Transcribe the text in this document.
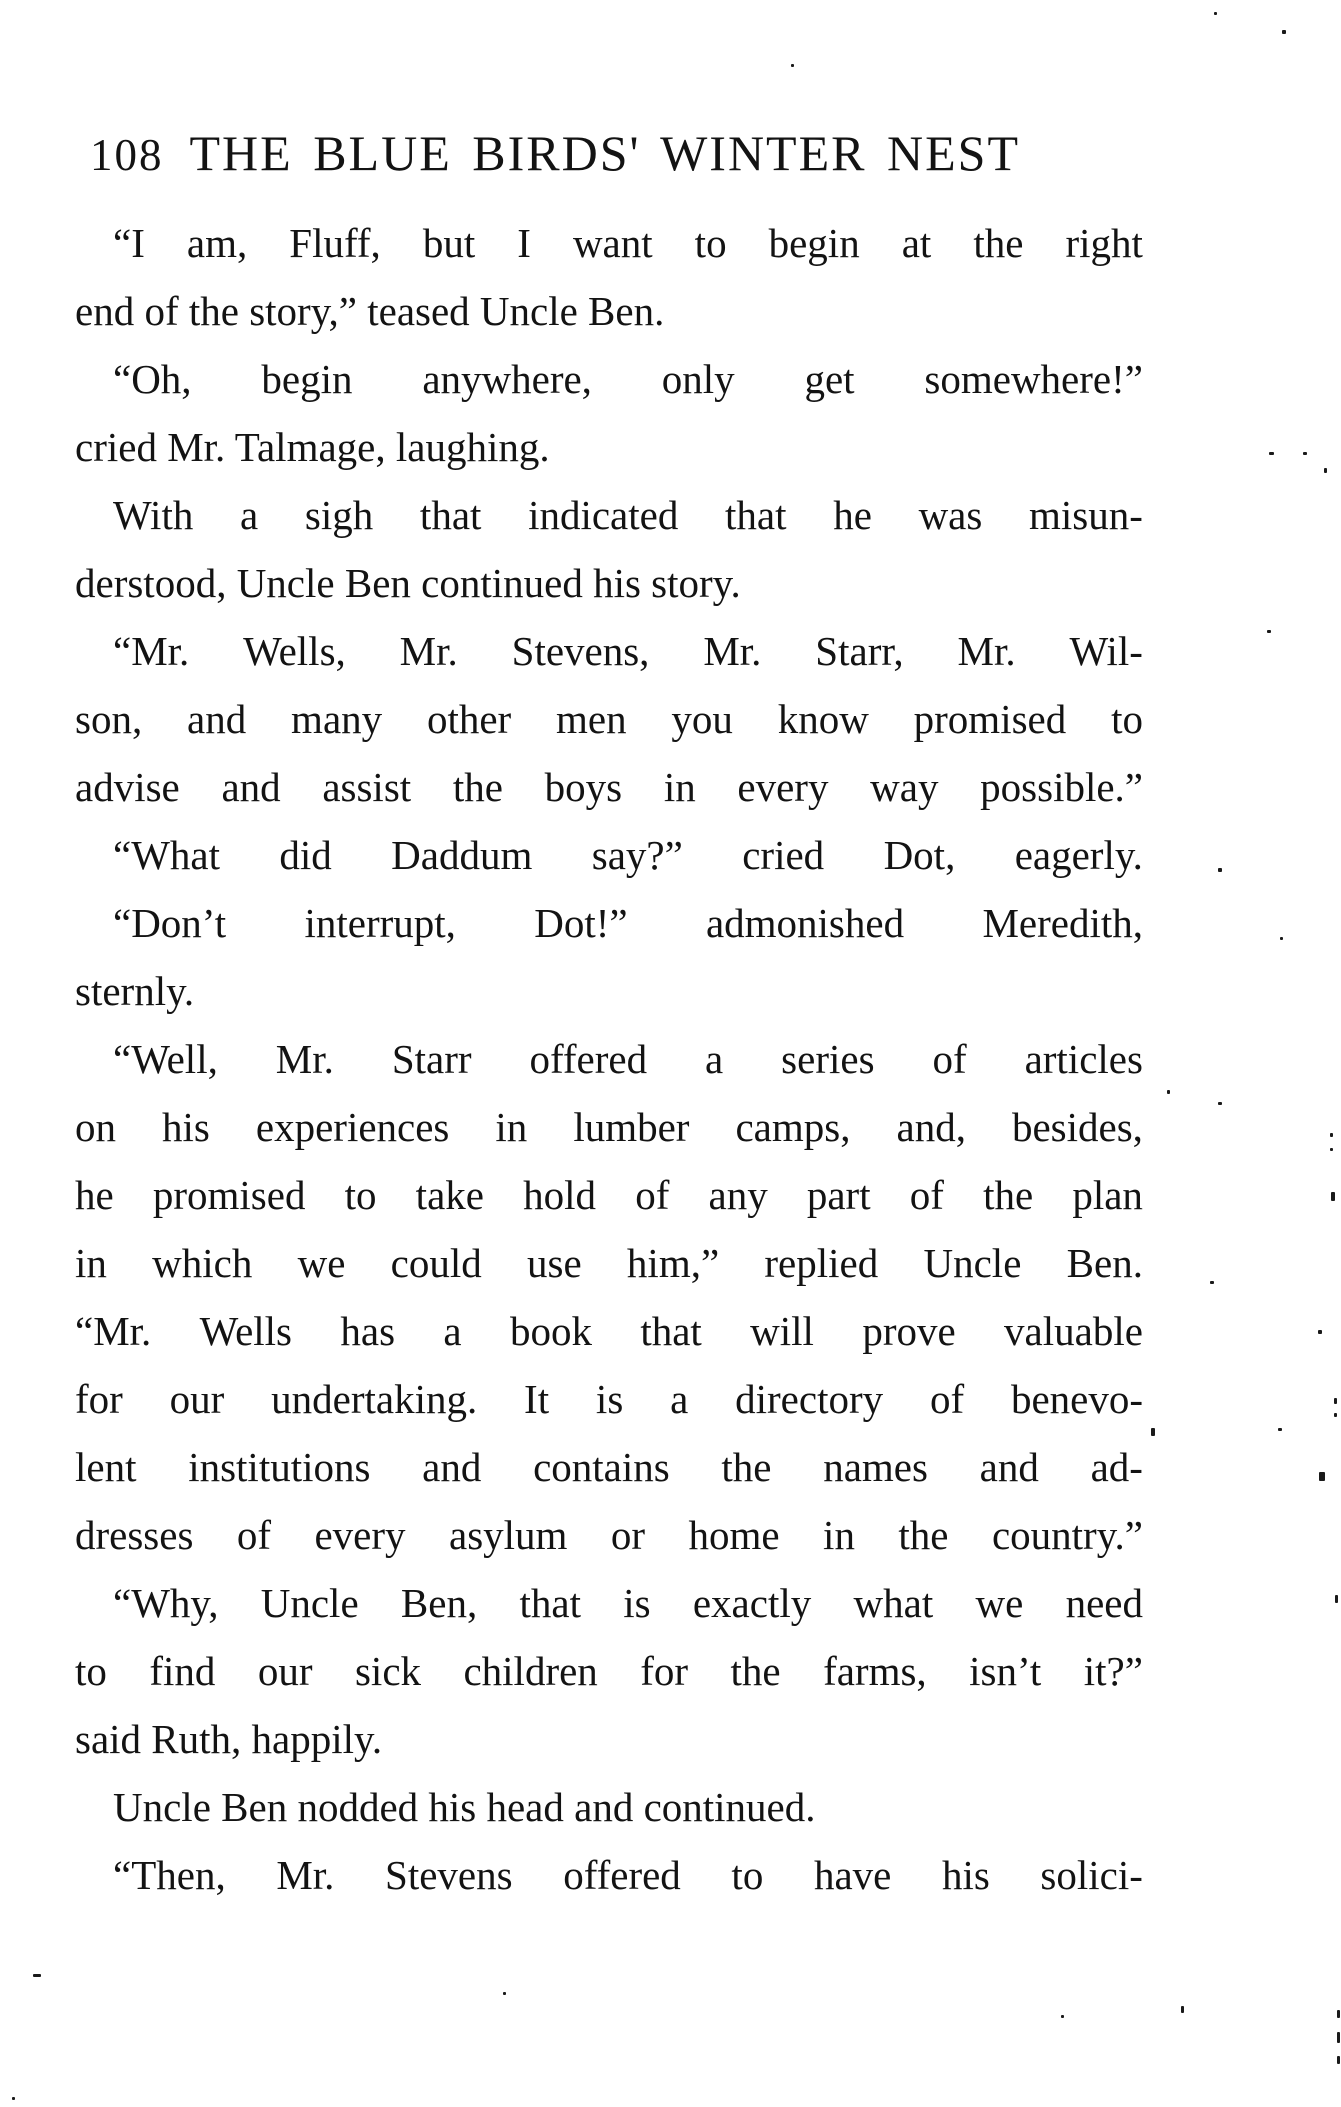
108 THE BLUE BIRDS' WINTER NEST
“I am, Fluff, but I want to begin at the right
end of the story,” teased Uncle Ben.
“Oh, begin anywhere, only get somewhere!”
cried Mr. Talmage, laughing.
With a sigh that indicated that he was misun-
derstood, Uncle Ben continued his story.
“Mr. Wells, Mr. Stevens, Mr. Starr, Mr. Wil-
son, and many other men you know promised to
advise and assist the boys in every way possible.”
“What did Daddum say?” cried Dot, eagerly.
“Don’t interrupt, Dot!” admonished Meredith,
sternly.
“Well, Mr. Starr offered a series of articles
on his experiences in lumber camps, and, besides,
he promised to take hold of any part of the plan
in which we could use him,” replied Uncle Ben.
“Mr. Wells has a book that will prove valuable
for our undertaking. It is a directory of benevo-
lent institutions and contains the names and ad-
dresses of every asylum or home in the country.”
“Why, Uncle Ben, that is exactly what we need
to find our sick children for the farms, isn’t it?”
said Ruth, happily.
Uncle Ben nodded his head and continued.
“Then, Mr. Stevens offered to have his solici-
